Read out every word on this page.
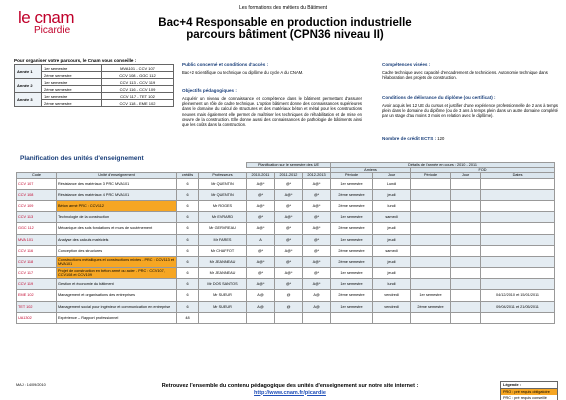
Les formations des métiers du Bâtiment
le cnam
Picardie
Bac+4 Responsable en production industrielle
parcours bâtiment (CPN36 niveau II)
Pour organiser votre parcours, le Cnam vous conseille :
Année 1	1er semestre	MVA101 - CCV 107
	2ème semestre	CCV 108 - GGC 112
Année 2	1er semestre	CCV 113 - CCV 119
	2ème semestre	CCV 116 - CCV 109
Année 3	1er semestre	CCV 117 - TET 102
	2ème semestre	CCV 118 - EME 102
Public concerné et conditions d'accès :
Bac+2 scientifique ou technique ou diplôme du cycle A du CNAM.
Objectifs pédagogiques :
Acquérir un niveau de connaissance et compétence dans le bâtiment permettant d'assurer pleinement un rôle de cadre technique. L'option bâtiment donne des connaissances supérieures dans le domaine du calcul de structures et des matériaux béton et métal pour les constructions neuves mais également elle permet de maîtriser les techniques de réhabilitation et de mise en œuvre de la construction. Elle donne aussi des connaissances de pathologie de bâtiments ainsi que les coûts dans la construction.
Compétences visées :
Cadre technique avec capacité d'encadrement de techniciens. Autonomie technique dans l'élaboration des projets de construction.
Conditions de délivrance du diplôme (ou certificat) :
Avoir acquis les 12 UE du cursus et justifier d'une expérience professionnelle de 2 ans à temps plein dans le domaine du diplôme (ou de 3 ans à temps plein dans un autre domaine complété par un stage d'au moins 3 mois en relation avec le diplôme).
Nombre de crédit ECTS : 120
Planification des unités d'enseignement
				Planification sur le semestre des UE			Détails de l'année en cours : 2010 - 2011				
							Amiens		FOD		
Code	Unité d'enseignement	crédits	Professeurs	2010-2011	2011-2012	2012-2013	Période	Jour	Période	Jour	Dates
CCV 107	Résistance des matériaux 3 PRC MVA101	6	Mr QUENTIN	A@*	@*	A@*	1er semestre	Lundi			
CCV 108	Résistance des matériaux 4 PRC MVA101	6	Mr QUENTIN	@*	A@*	@*	2ème semestre	jeudi			
CCV 109	Béton armé PRC : CCV112	6	Mr ROGES	A@*	@*	A@*	2ème semestre	lundi			
CCV 113	Technologie de la construction	6	Mr EVRARD	@*	A@*	@*	1er semestre	samedi			
GGC 112	Mécanique des sols fondations et murs de soutènement	6	Mr GERVREAU	A@*	@*	A@*	2ème semestre	jeudi			
MVA 101	Analyse des calculs matriciels	6	Mr FARES	A	@*	@*	1er semestre	jeudi			
CCV 116	Conception des structures	6	Mr CHAFFOT	@*	A@*	@*	2ème semestre	samedi			
CCV 118	Constructions métalliques et constructions mixtes - PRC : CCV113 et MVA101	6	Mr JEANNEAU	A@*	@*	A@*	2ème semestre	jeudi			
CCV 117	Projet de construction en béton armé ou acier - PRC : CCV107, CCV108 et CCV109	6	Mr JEANNEAU	@*	A@*	@*	1er semestre	jeudi			
CCV 119	Gestion et économie du bâtiment	6	Mr DOS SANTOS	A@*	@*	A@*	1er semestre	lundi			
EME 102	Management et organisations des entreprises	6	Mr SUEUR	A@	@	A@	2ème semestre	vendredi	1er semestre		04/12/2010 et 15/01/2011
TET 102	Management social pour ingénieur et communication en entreprise	6	Mr SUEUR	A@	@	A@	1er semestre	vendredi	2ème semestre		09/04/2011 et 21/05/2011
UA1302	Expérience – Rapport professionnel	48									
MAJ : 14/09/2010	Retrouvez l'ensemble du contenu pédagogique des unités d'enseignement sur notre site internet :
http://www.cnam.fr/picardie
Légende :
PRO : pré requis obligatoire
PRC : pré requis conseillé
